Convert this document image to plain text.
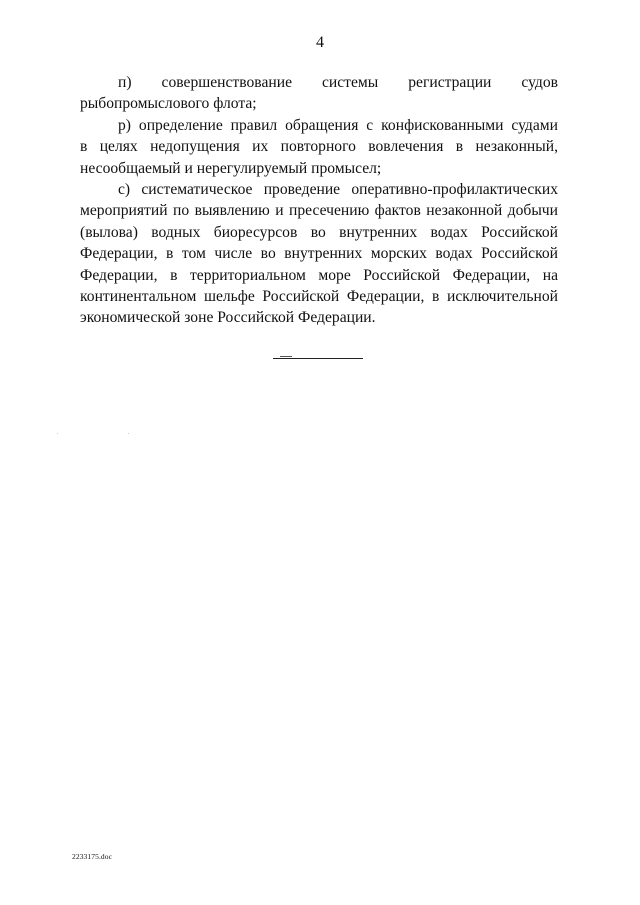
4

п) совершенствование системы регистрации судов

рыбопромыслового флота;

р) определение правил обращения с конфискованными судами

в целях недопущения их повторного вовлечения в незаконный, несообщаемый и нерегулируемый промысел;

с) систематическое проведение оперативно-профилактических

мероприятий по выявлению и пресечению фактов незаконной добычи (вылова) водных биоресурсов во внутренних водах Российской Федерации, в том числе во внутренних морских водах Российской Федерации, в территориальном море Российской Федерации, на континентальном шельфе Российской Федерации, в исключительной экономической зоне Российской Федерации.

2233175.doc
